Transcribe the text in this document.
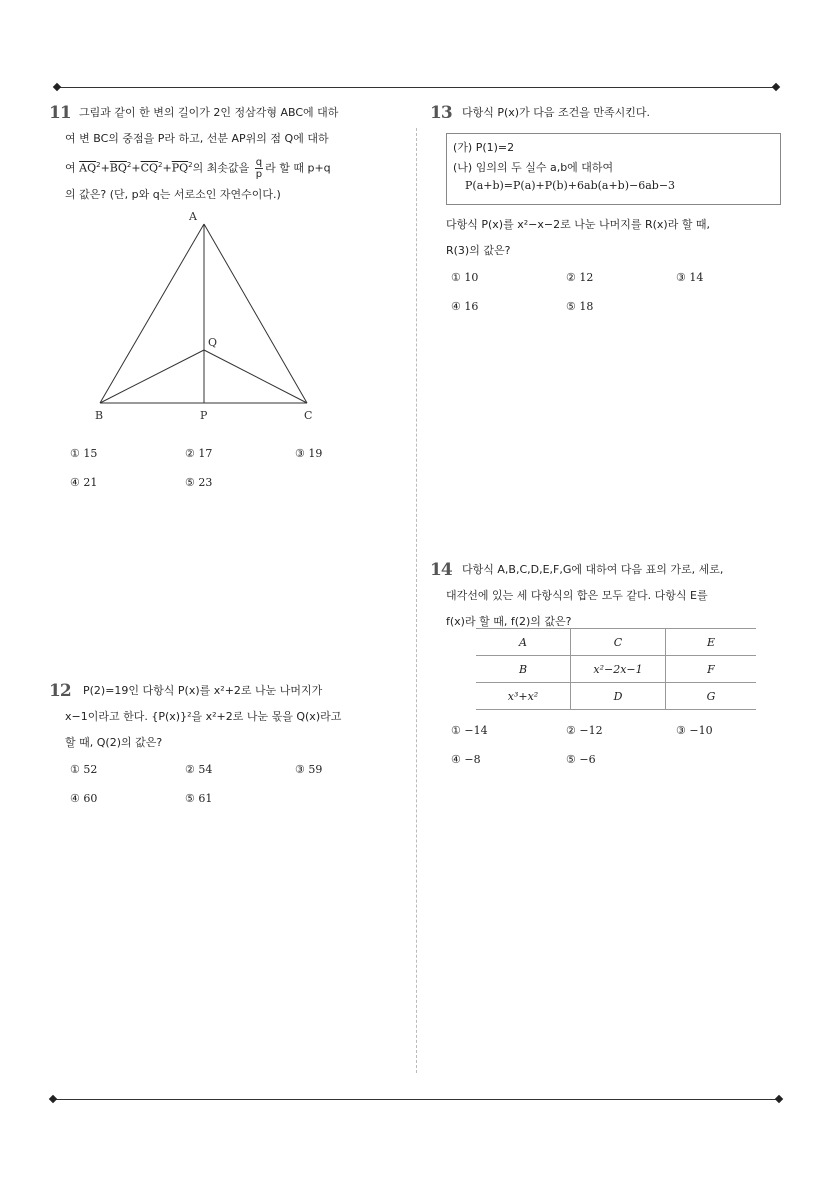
11 그림과 같이 한 변의 길이가 2인 정삼각형 ABC에 대하
여 변 BC의 중점을 P라 하고, 선분 AP위의 점 Q에 대하
여 $\overline{AQ}^2+\overline{BQ}^2+\overline{CQ}^2+\overline{PQ}^2$의 최솟값을 $\frac{q}{p}$ 라 할 때 p+q
의 값은? (단, p와 q는 서로소인 자연수이다.)
A
Q
B	P	C
① 15	② 17	③ 19
④ 21	⑤ 23
12	P(2)=19인 다항식 P(x)를 x²+2로 나눈 나머지가
x−1이라고 한다. {P(x)}²을 x²+2로 나눈 몫을 Q(x)라고
할 때, Q(2)의 값은?
① 52	② 54	③ 59
④ 60	⑤ 61
13 다항식 P(x)가 다음 조건을 만족시킨다.
(가) P(1)=2
(나) 임의의 두 실수 a,b에 대하여
P(a+b)=P(a)+P(b)+6ab(a+b)−6ab−3
다항식 P(x)를 x²−x−2로 나눈 나머지를 R(x)라 할 때,
R(3)의 값은?
① 10	② 12	③ 14
④ 16	⑤ 18
14 다항식 A,B,C,D,E,F,G에 대하여 다음 표의 가로, 세로,
대각선에 있는 세 다항식의 합은 모두 같다. 다항식 E를
f(x)라 할 때, f(2)의 값은?
A	C	E
B	x²−2x−1	F
x³+x²	D	G
① −14	② −12	③ −10
④ −8	⑤ −6
